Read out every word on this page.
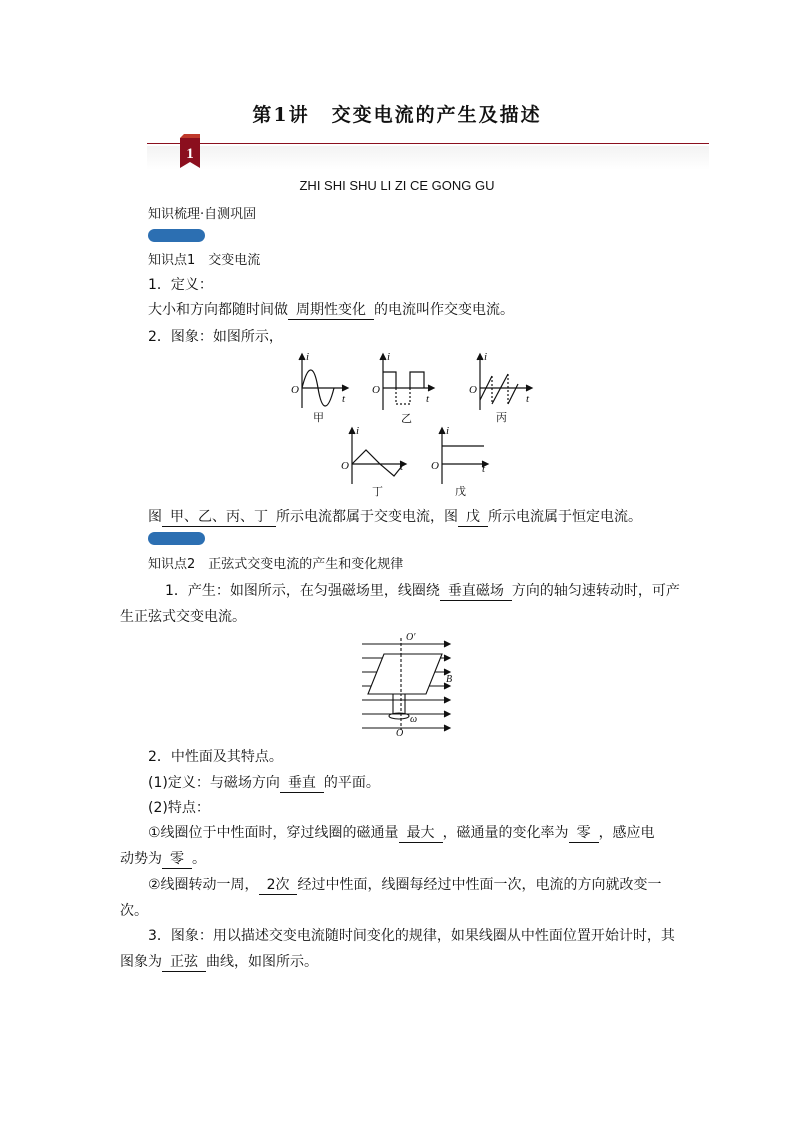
第1讲 交变电流的产生及描述
1
ZHI SHI SHU LI ZI CE GONG GU
知识梳理·自测巩固
知识点1　交变电流
1．定义：
大小和方向都随时间做 周期性变化 的电流叫作交变电流。
2．图象：如图所示，
i
O
t
i
O
t
i
O
t
i
O	t
i
O	t
甲	乙	丙
丁	戊
图 甲、乙、丙、丁 所示电流都属于交变电流，图 戊 所示电流属于恒定电流。
知识点2　正弦式交变电流的产生和变化规律
1．产生：如图所示，在匀强磁场里，线圈绕 垂直磁场 方向的轴匀速转动时，可产
生正弦式交变电流。
O′
B
ω
O
2．中性面及其特点。
(1)定义：与磁场方向 垂直 的平面。
(2)特点：
①线圈位于中性面时，穿过线圈的磁通量 最大 ，磁通量的变化率为 零 ，感应电
动势为 零 。
②线圈转动一周， 2次 经过中性面，线圈每经过中性面一次，电流的方向就改变一
次。
3．图象：用以描述交变电流随时间变化的规律，如果线圈从中性面位置开始计时，其
图象为 正弦 曲线，如图所示。
